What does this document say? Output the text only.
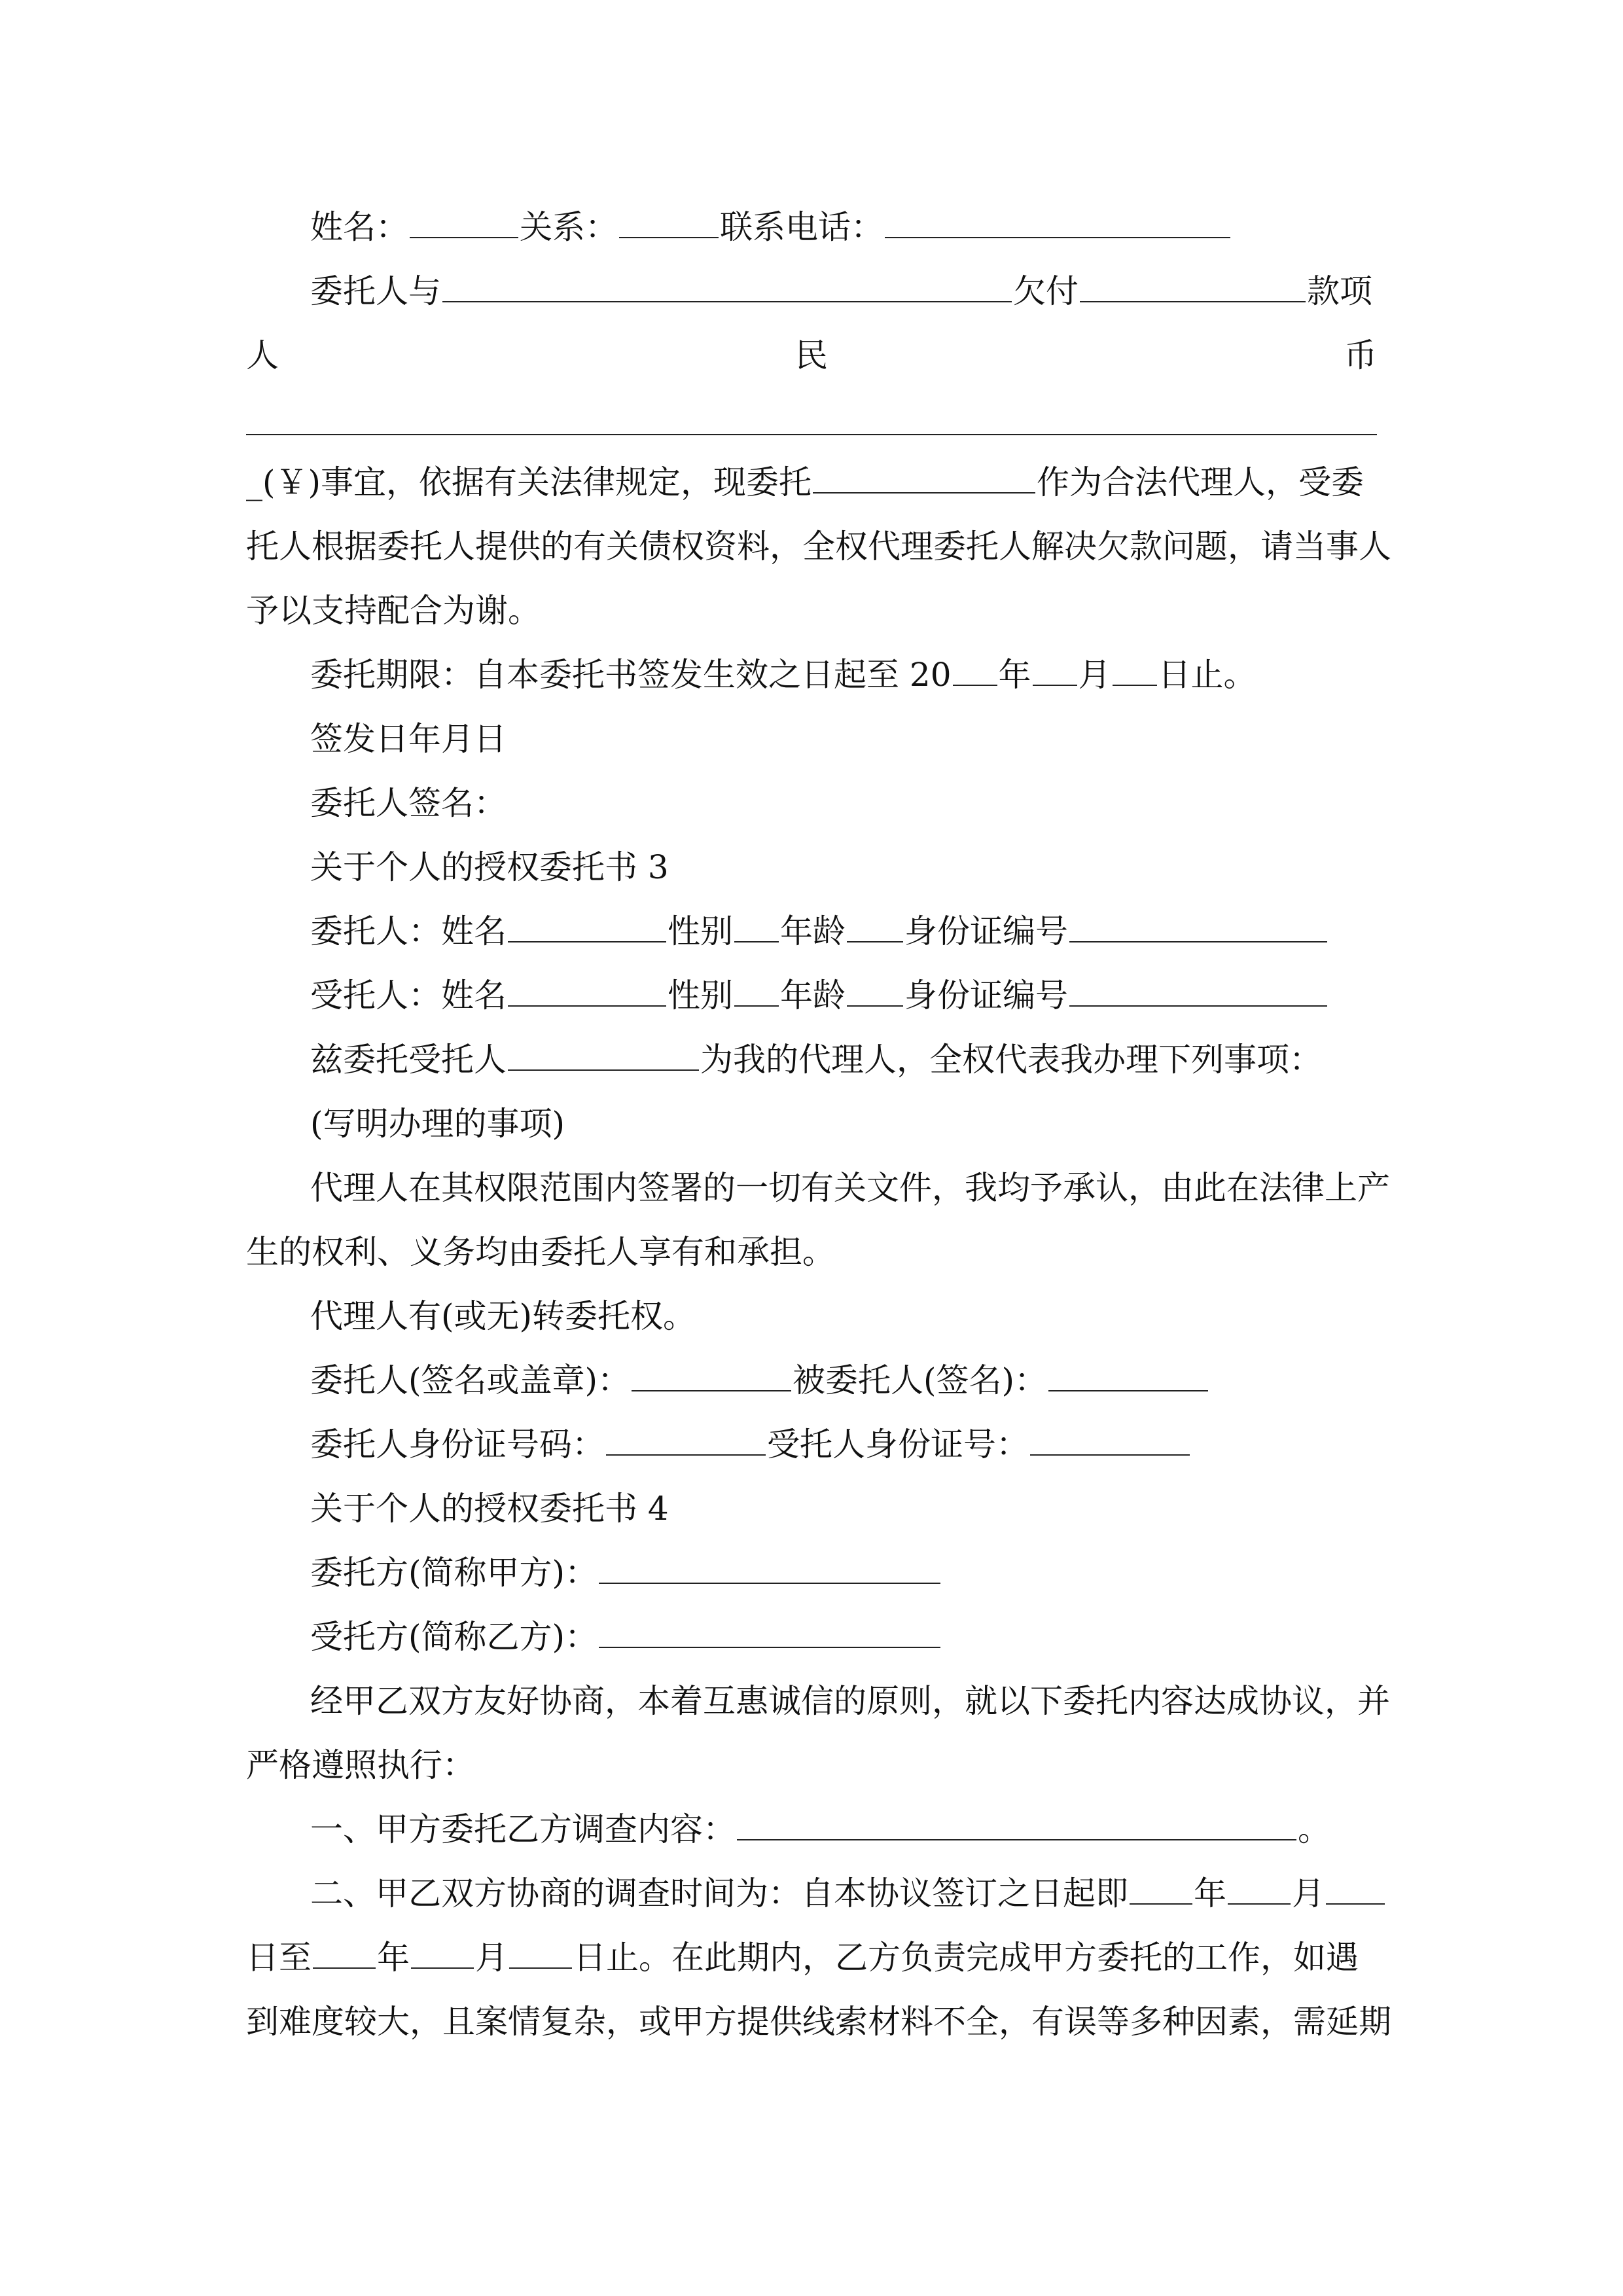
姓名：	关系：	联系电话：
委托人与	欠付	款项
人	民	币
_(￥)事宜，依据有关法律规定，现委托	作为合法代理人，受委
托人根据委托人提供的有关债权资料，全权代理委托人解决欠款问题，请当事人
予以支持配合为谢。
委托期限：自本委托书签发生效之日起至 20 年 月 日止。
签发日年月日
委托人签名：
关于个人的授权委托书 3
委托人：姓名	性别 年龄 身份证编号
受托人：姓名	性别 年龄 身份证编号
兹委托受托人	为我的代理人，全权代表我办理下列事项：
(写明办理的事项)
代理人在其权限范围内签署的一切有关文件，我均予承认，由此在法律上产
生的权利、义务均由委托人享有和承担。
代理人有(或无)转委托权。
委托人(签名或盖章)：	被委托人(签名)：
委托人身份证号码：	受托人身份证号：
关于个人的授权委托书 4
委托方(简称甲方)：
受托方(简称乙方)：
经甲乙双方友好协商，本着互惠诚信的原则，就以下委托内容达成协议，并
严格遵照执行：
一、甲方委托乙方调查内容：	。
二、甲乙双方协商的调查时间为：自本协议签订之日起即 年 月
日至 年 月 日止。在此期内，乙方负责完成甲方委托的工作，如遇
到难度较大，且案情复杂，或甲方提供线索材料不全，有误等多种因素，需延期
